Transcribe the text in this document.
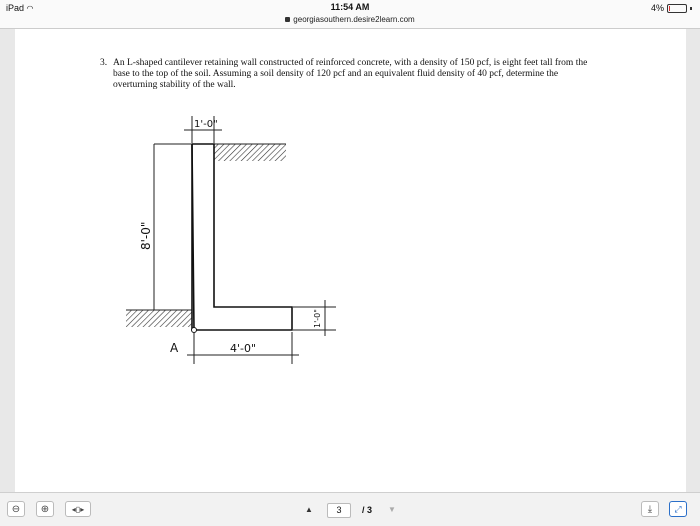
iPad ◠	11:54 AM	4%
georgiasouthern.desire2learn.com
3. An L-shaped cantilever retaining wall constructed of reinforced concrete, with a density of 150 pcf, is eight feet tall from the base to the top of the soil. Assuming a soil density of 120 pcf and an equivalent fluid density of 40 pcf, determine the overturning stability of the wall.
A
1'-0"
8'-0"
4'-0"
1'-0"
⊖ ⊕	◂▯▸	▲	3	/ 3 ▼	⤓ ⤢
